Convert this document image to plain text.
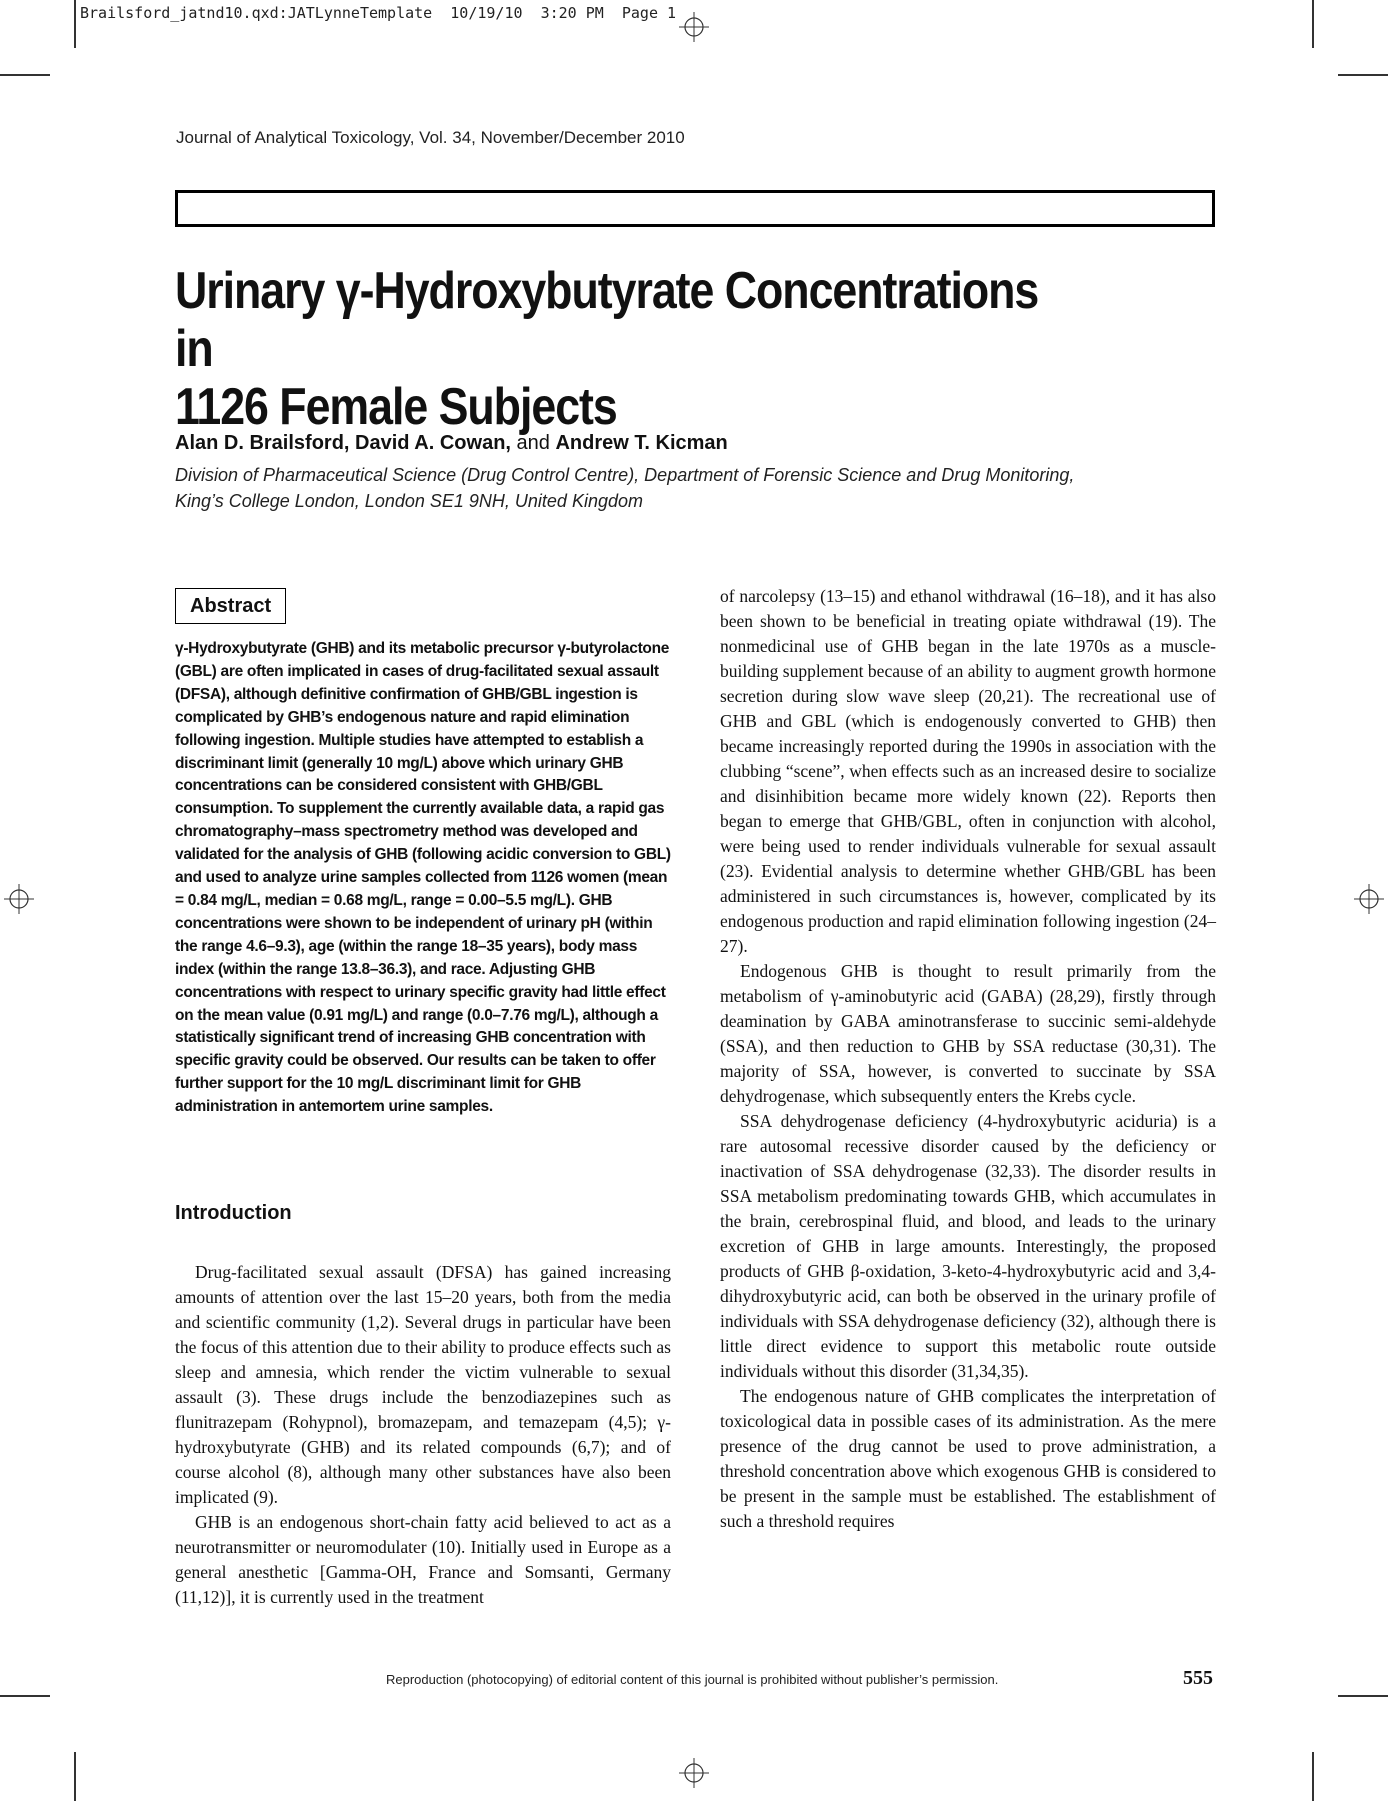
Brailsford_jatnd10.qxd:JATLynneTemplate  10/19/10  3:20 PM  Page 1
Journal of Analytical Toxicology, Vol. 34, November/December 2010
Urinary γ-Hydroxybutyrate Concentrations in
1126 Female Subjects
Alan D. Brailsford, David A. Cowan, and Andrew T. Kicman
Division of Pharmaceutical Science (Drug Control Centre), Department of Forensic Science and Drug Monitoring,
King’s College London, London SE1 9NH, United Kingdom
Abstract

γ-Hydroxybutyrate (GHB) and its metabolic precursor γ-butyrolactone (GBL) are often implicated in cases of drug-facilitated sexual assault (DFSA), although definitive confirmation of GHB/GBL ingestion is complicated by GHB’s endogenous nature and rapid elimination following ingestion. Multiple studies have attempted to establish a discriminant limit (generally 10 mg/L) above which urinary GHB concentrations can be considered consistent with GHB/GBL consumption. To supplement the currently available data, a rapid gas chromatography–mass spectrometry method was developed and validated for the analysis of GHB (following acidic conversion to GBL) and used to analyze urine samples collected from 1126 women (mean = 0.84 mg/L, median = 0.68 mg/L, range = 0.00–5.5 mg/L). GHB concentrations were shown to be independent of urinary pH (within the range 4.6–9.3), age (within the range 18–35 years), body mass index (within the range 13.8–36.3), and race. Adjusting GHB concentrations with respect to urinary specific gravity had little effect on the mean value (0.91 mg/L) and range (0.0–7.76 mg/L), although a statistically significant trend of increasing GHB concentration with specific gravity could be observed. Our results can be taken to offer further support for the 10 mg/L discriminant limit for GHB administration in antemortem urine samples.

Introduction

Drug-facilitated sexual assault (DFSA) has gained increasing amounts of attention over the last 15–20 years, both from the media and scientific community (1,2). Several drugs in particular have been the focus of this attention due to their ability to produce effects such as sleep and amnesia, which render the victim vulnerable to sexual assault (3). These drugs include the benzodiazepines such as flunitrazepam (Rohypnol), bromazepam, and temazepam (4,5); γ-hydroxybutyrate (GHB) and its related compounds (6,7); and of course alcohol (8), although many other substances have also been implicated (9).

GHB is an endogenous short-chain fatty acid believed to act as a neurotransmitter or neuromodulater (10). Initially used in Europe as a general anesthetic [Gamma-OH, France and Somsanti, Germany (11,12)], it is currently used in the treatment

of narcolepsy (13–15) and ethanol withdrawal (16–18), and it has also been shown to be beneficial in treating opiate withdrawal (19). The nonmedicinal use of GHB began in the late 1970s as a muscle-building supplement because of an ability to augment growth hormone secretion during slow wave sleep (20,21). The recreational use of GHB and GBL (which is endogenously converted to GHB) then became increasingly reported during the 1990s in association with the clubbing “scene”, when effects such as an increased desire to socialize and disinhibition became more widely known (22). Reports then began to emerge that GHB/GBL, often in conjunction with alcohol, were being used to render individuals vulnerable for sexual assault (23). Evidential analysis to determine whether GHB/GBL has been administered in such circumstances is, however, complicated by its endogenous production and rapid elimination following ingestion (24–27).

Endogenous GHB is thought to result primarily from the metabolism of γ-aminobutyric acid (GABA) (28,29), firstly through deamination by GABA aminotransferase to succinic semi-aldehyde (SSA), and then reduction to GHB by SSA reductase (30,31). The majority of SSA, however, is converted to succinate by SSA dehydrogenase, which subsequently enters the Krebs cycle.

SSA dehydrogenase deficiency (4-hydroxybutyric aciduria) is a rare autosomal recessive disorder caused by the deficiency or inactivation of SSA dehydrogenase (32,33). The disorder results in SSA metabolism predominating towards GHB, which accumulates in the brain, cerebrospinal fluid, and blood, and leads to the urinary excretion of GHB in large amounts. Interestingly, the proposed products of GHB β-oxidation, 3-keto-4-hydroxybutyric acid and 3,4-dihydroxybutyric acid, can both be observed in the urinary profile of individuals with SSA dehydrogenase deficiency (32), although there is little direct evidence to support this metabolic route outside individuals without this disorder (31,34,35).

The endogenous nature of GHB complicates the interpretation of toxicological data in possible cases of its administration. As the mere presence of the drug cannot be used to prove administration, a threshold concentration above which exogenous GHB is considered to be present in the sample must be established. The establishment of such a threshold requires

Reproduction (photocopying) of editorial content of this journal is prohibited without publisher’s permission.	555
